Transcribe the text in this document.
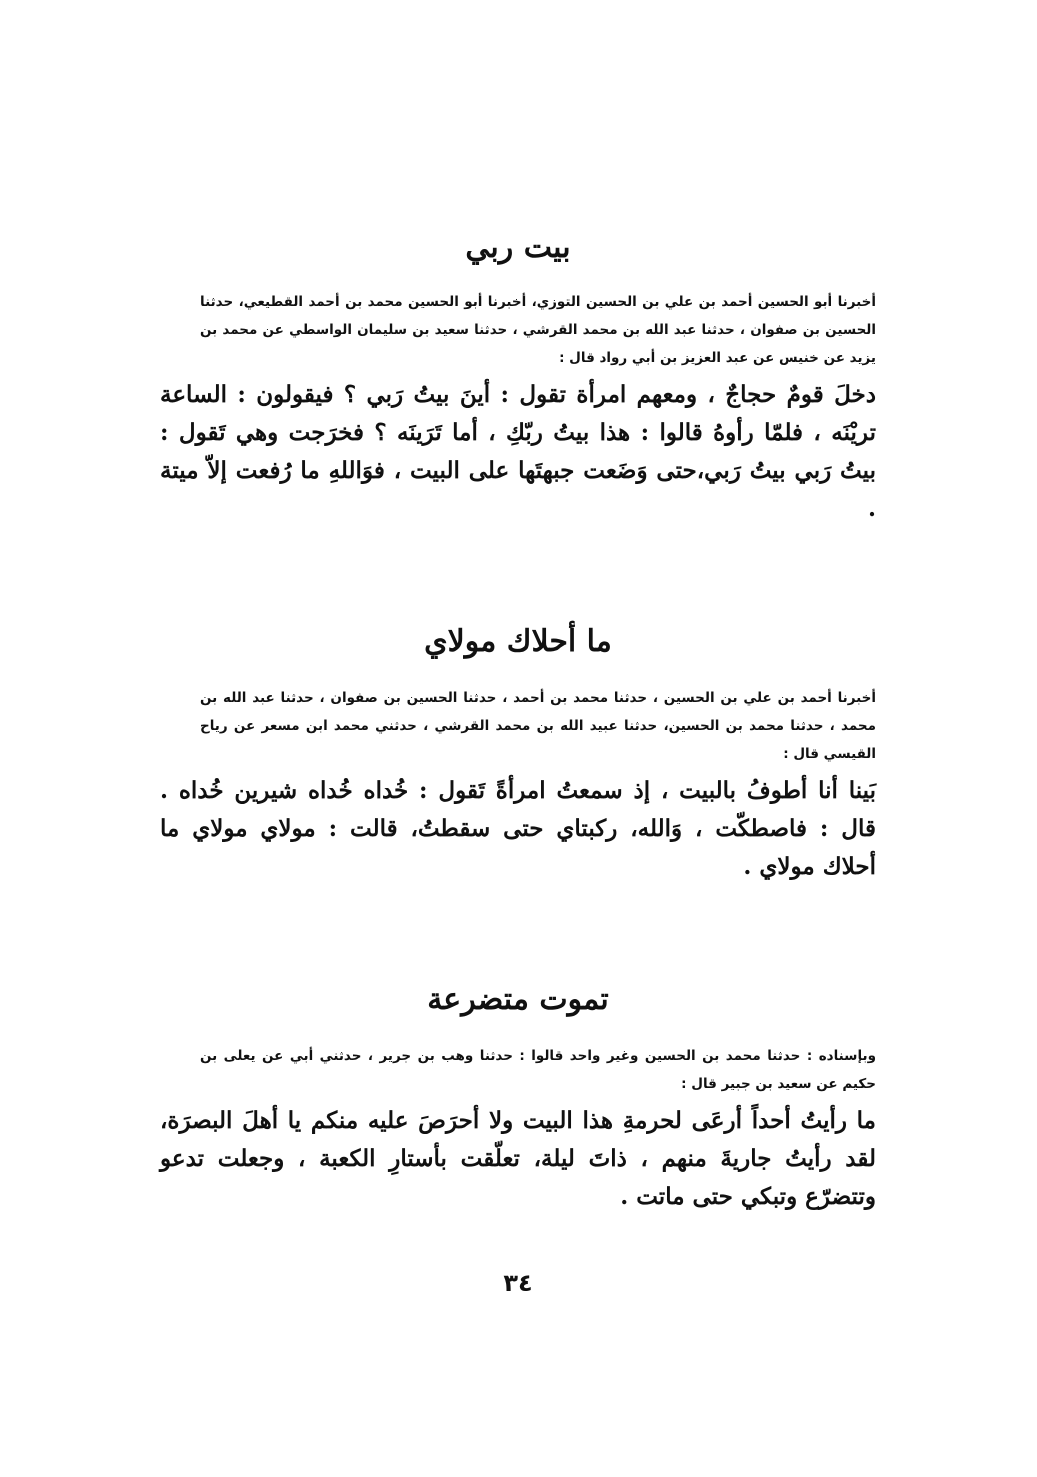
بيت ربي
أخبرنا أبو الحسين أحمد بن علي بن الحسين التوزي، أخبرنا أبو الحسين محمد بن أحمد القطيعي، حدثنا الحسين بن صفوان ، حدثنا عبد الله بن محمد القرشي ، حدثنا سعيد بن سليمان الواسطي عن محمد بن يزيد عن خنيس عن عبد العزيز بن أبي رواد قال :
دخلَ قومٌ حجاجٌ ، ومعهم امرأة تقول : أينَ بيتُ رَبي ؟ فيقولون : الساعة تريْنَه ، فلمّا رأوهُ قالوا : هذا بيتُ ربّكِ ، أما تَرَينَه ؟ فخرَجت وهي تَقول : بيتُ رَبي بيتُ رَبي،حتى وَضَعت جبهتَها على البيت ، فوَاللهِ ما رُفعت إلاّ ميتة .
ما أحلاك مولاي
أخبرنا أحمد بن علي بن الحسين ، حدثنا محمد بن أحمد ، حدثنا الحسين بن صفوان ، حدثنا عبد الله بن محمد ، حدثنا محمد بن الحسين، حدثنا عبيد الله بن محمد القرشي ، حدثني محمد ابن مسعر عن رياح القيسي قال :
بَينا أنا أطوفُ بالبيت ، إذ سمعتُ امرأةً تَقول : خُداه خُداه شيرين خُداه . قال : فاصطكّت ، وَالله، ركبتاي حتى سقطتُ، قالت : مولاي مولاي ما أحلاك مولاي .
تموت متضرعة
وبإسناده : حدثنا محمد بن الحسين وغير واحد قالوا : حدثنا وهب بن جرير ، حدثني أبي عن يعلى بن حكيم عن سعيد بن جبير قال :
ما رأيتُ أحداً أرعَى لحرمةِ هذا البيت ولا أحرَصَ عليه منكم يا أهلَ البصرَة، لقد رأيتُ جاريةَ منهم ، ذاتَ ليلة، تعلّقت بأستارِ الكعبة ، وجعلت تدعو وتتضرّع وتبكي حتى ماتت .
٣٤
